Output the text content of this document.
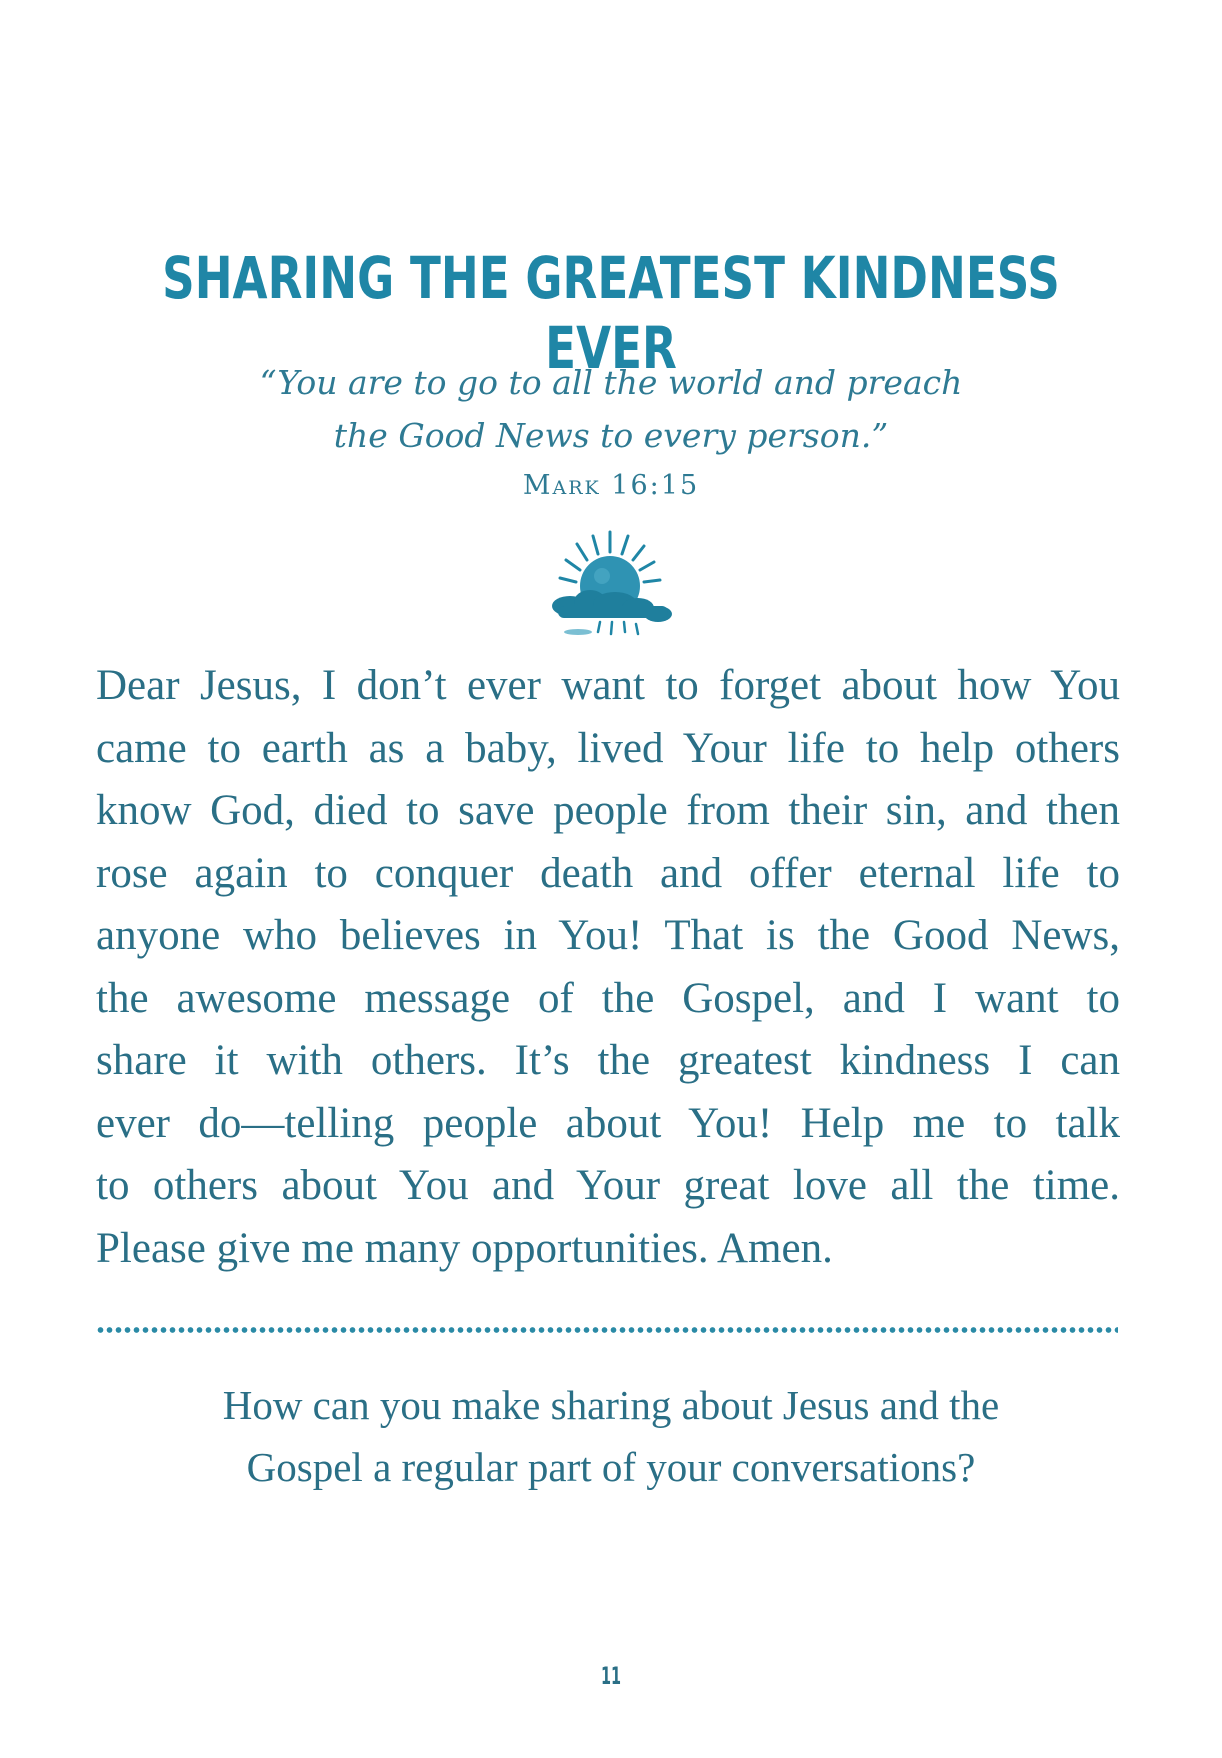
SHARING THE GREATEST KINDNESS EVER
“You are to go to all the world and preach
the Good News to every person.”
Mark 16:15
Dear Jesus, I don’t ever want to forget about how You
came to earth as a baby, lived Your life to help others
know God, died to save people from their sin, and then
rose again to conquer death and offer eternal life to
anyone who believes in You! That is the Good News,
the awesome message of the Gospel, and I want to
share it with others. It’s the greatest kindness I can
ever do—telling people about You! Help me to talk
to others about You and Your great love all the time.
Please give me many opportunities. Amen.
How can you make sharing about Jesus and the
Gospel a regular part of your conversations?
11
